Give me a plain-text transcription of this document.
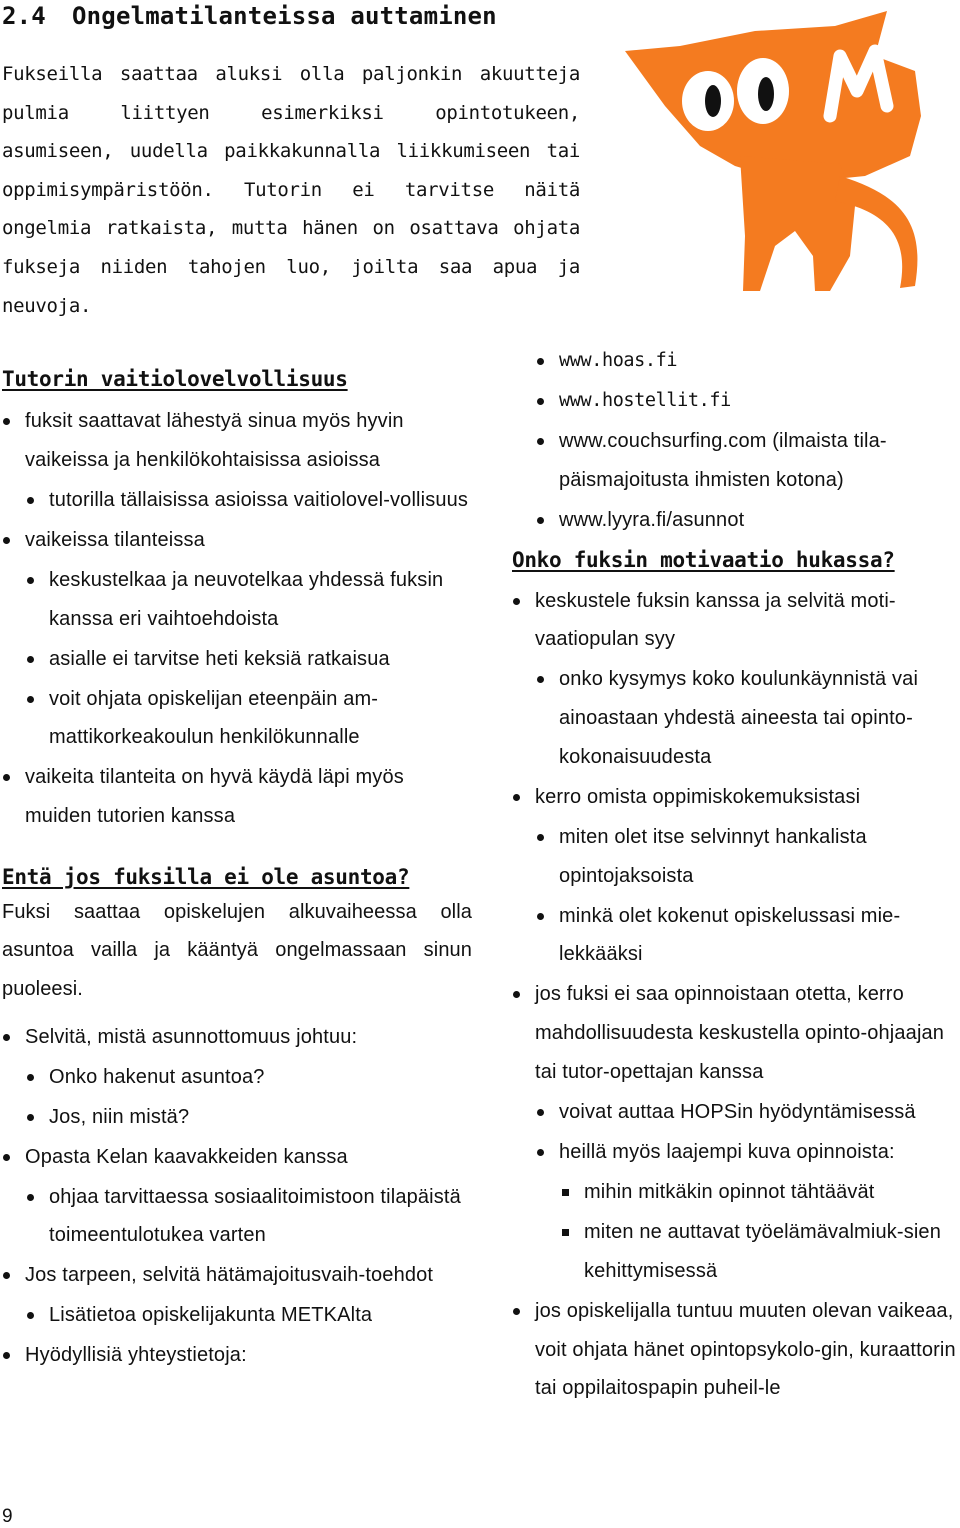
2.4 Ongelmatilanteissa auttaminen

Fukseilla saattaa aluksi olla paljonkin akuutteja pulmia liittyen esimerkiksi opintotukeen, asumiseen, uudella paikkakunnalla liikkumiseen tai oppimisympäristöön. Tutorin ei tarvitse näitä ongelmia ratkaista, mutta hänen on osattava ohjata fukseja niiden tahojen luo, joilta saa apua ja neuvoja.

Tutorin vaitiolovelvollisuus
fuksit saattavat lähestyä sinua myös hyvin vaikeissa ja henkilökohtaisissa asioissa
tutorilla tällaisissa asioissa vaitiolovel-vollisuus
vaikeissa tilanteissa
keskustelkaa ja neuvotelkaa yhdessä fuksin kanssa eri vaihtoehdoista
asialle ei tarvitse heti keksiä ratkaisua
voit ohjata opiskelijan eteenpäin am-mattikorkeakoulun henkilökunnalle
vaikeita tilanteita on hyvä käydä läpi myös muiden tutorien kanssa
Entä jos fuksilla ei ole asuntoa?

Fuksi saattaa opiskelujen alkuvaiheessa olla asuntoa vailla ja kääntyä ongelmassaan sinun puoleesi.

Selvitä, mistä asunnottomuus johtuu:
Onko hakenut asuntoa?
Jos, niin mistä?
Opasta Kelan kaavakkeiden kanssa
ohjaa tarvittaessa sosiaalitoimistoon tilapäistä toimeentulotukea varten
Jos tarpeen, selvitä hätämajoitusvaih-toehdot
Lisätietoa opiskelijakunta METKAlta
Hyödyllisiä yhteystietoja:
www.hoas.fi
www.hostellit.fi
www.couchsurfing.com (ilmaista tila-päismajoitusta ihmisten kotona)
www.lyyra.fi/asunnot
Onko fuksin motivaatio hukassa?
keskustele fuksin kanssa ja selvitä moti-vaatiopulan syy
onko kysymys koko koulunkäynnistä vai ainoastaan yhdestä aineesta tai opinto-kokonaisuudesta
kerro omista oppimiskokemuksistasi
miten olet itse selvinnyt hankalista opintojaksoista
minkä olet kokenut opiskelussasi mie-lekkääksi
jos fuksi ei saa opinnoistaan otetta, kerro mahdollisuudesta keskustella opinto-ohjaajan tai tutor-opettajan kanssa
voivat auttaa HOPSin hyödyntämisessä
heillä myös laajempi kuva opinnoista:
mihin mitkäkin opinnot tähtäävät
miten ne auttavat työelämävalmiuk-sien kehittymisessä
jos opiskelijalla tuntuu muuten olevan vaikeaa, voit ohjata hänet opintopsykolo-gin, kuraattorin tai oppilaitospapin puheil-le
9
